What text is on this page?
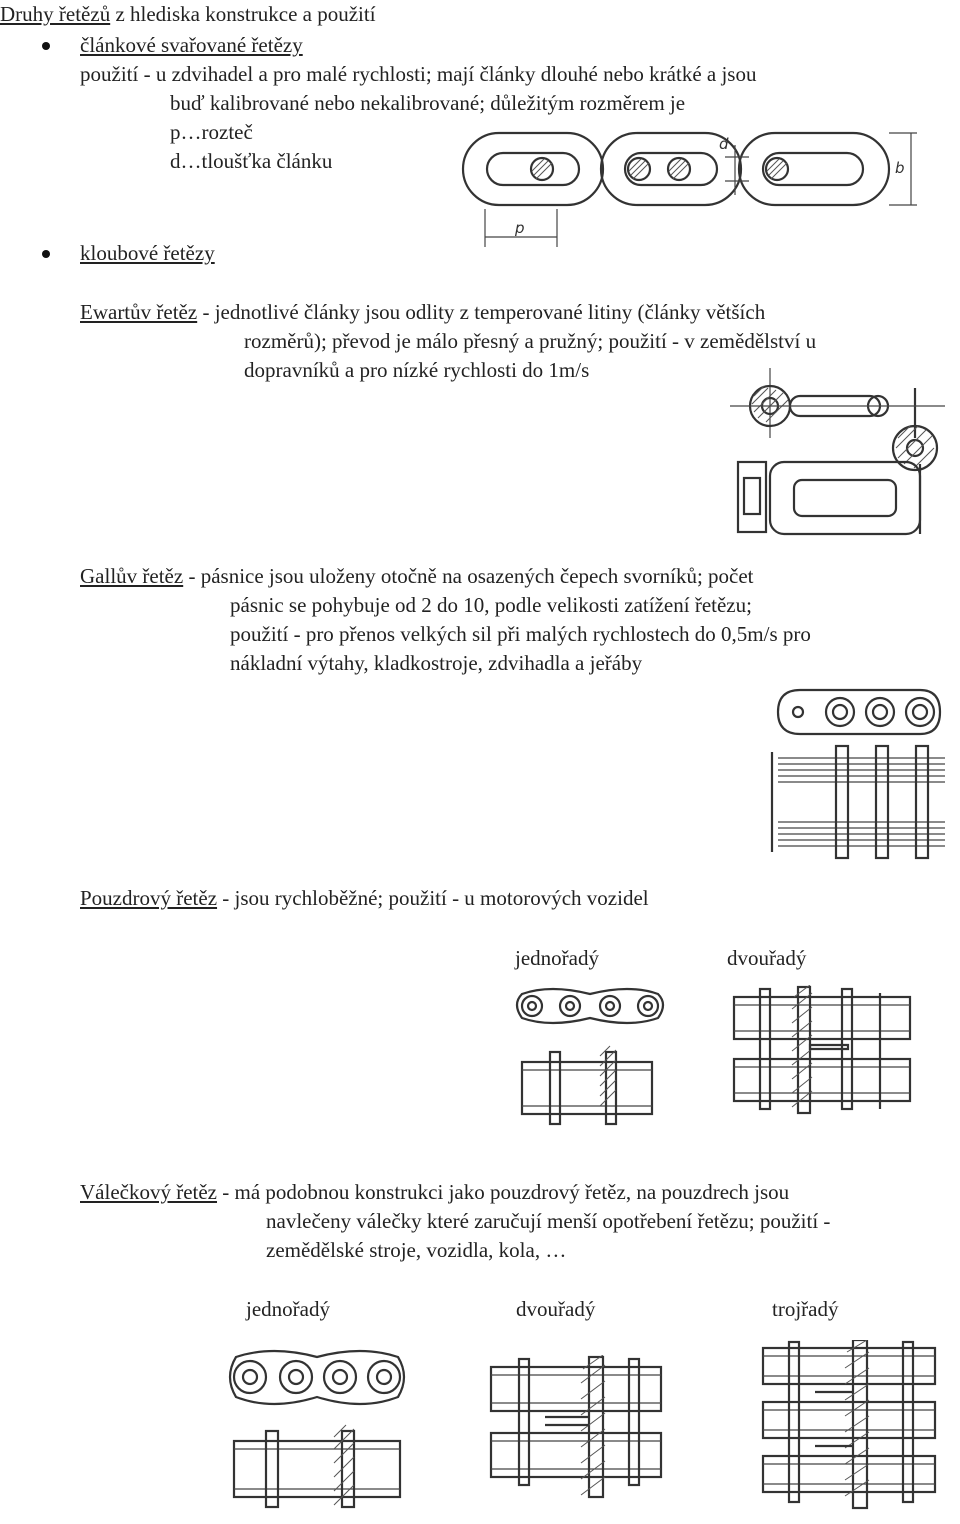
Druhy řetězů z hlediska konstrukce a použití
článkové svařované řetězy
použití - u zdvihadel a pro malé rychlosti; mají články dlouhé nebo krátké a jsou
buď kalibrované nebo nekalibrované; důležitým rozměrem je
p…rozteč
d…tloušťka článku
p
d
b
kloubové řetězy
Ewartův řetěz - jednotlivé články jsou odlity z temperované litiny (články větších
rozměrů); převod je málo přesný a pružný; použití - v zemědělství u
dopravníků a pro nízké rychlosti do 1m/s
Gallův řetěz - pásnice jsou uloženy otočně na osazených čepech svorníků; počet
pásnic se pohybuje od 2 do 10, podle velikosti zatížení řetězu;
použití - pro přenos velkých sil při malých rychlostech do 0,5m/s pro
nákladní výtahy, kladkostroje, zdvihadla a jeřáby
Pouzdrový řetěz - jsou rychloběžné; použití - u motorových vozidel
jednořadý	dvouřadý
Válečkový řetěz - má podobnou konstrukci jako pouzdrový řetěz, na pouzdrech jsou
navlečeny válečky které zaručují menší opotřebení řetězu; použití -
zemědělské stroje, vozidla, kola, …
jednořadý	dvouřadý	trojřadý
